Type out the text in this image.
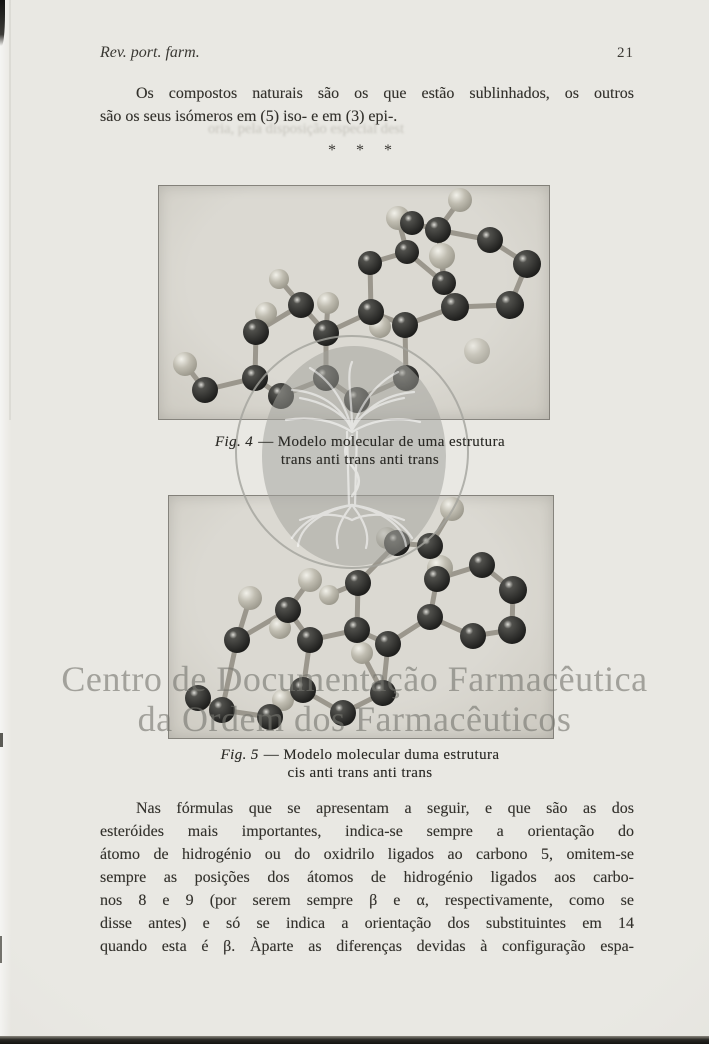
Rev. port. farm.	21
Os compostos naturais são os que estão sublinhados, os outros
são os seus isómeros em (5) iso- e em (3) epi-.
oria, pela disposição especial dest
* * *
Fig. 4 — Modelo molecular de uma estrutura
trans anti trans anti trans
Fig. 5 — Modelo molecular duma estrutura
cis anti trans anti trans
Nas fórmulas que se apresentam a seguir, e que são as dos
esteróides mais importantes, indica-se sempre a orientação do
átomo de hidrogénio ou do oxidrilo ligados ao carbono 5, omitem-se
sempre as posições dos átomos de hidrogénio ligados aos carbo-
nos 8 e 9 (por serem sempre β e α, respectivamente, como se
disse antes) e só se indica a orientação dos substituintes em 14
quando esta é β. Àparte as diferenças devidas à configuração espa-
Centro de Documentação Farmacêutica
da Ordem dos Farmacêuticos
